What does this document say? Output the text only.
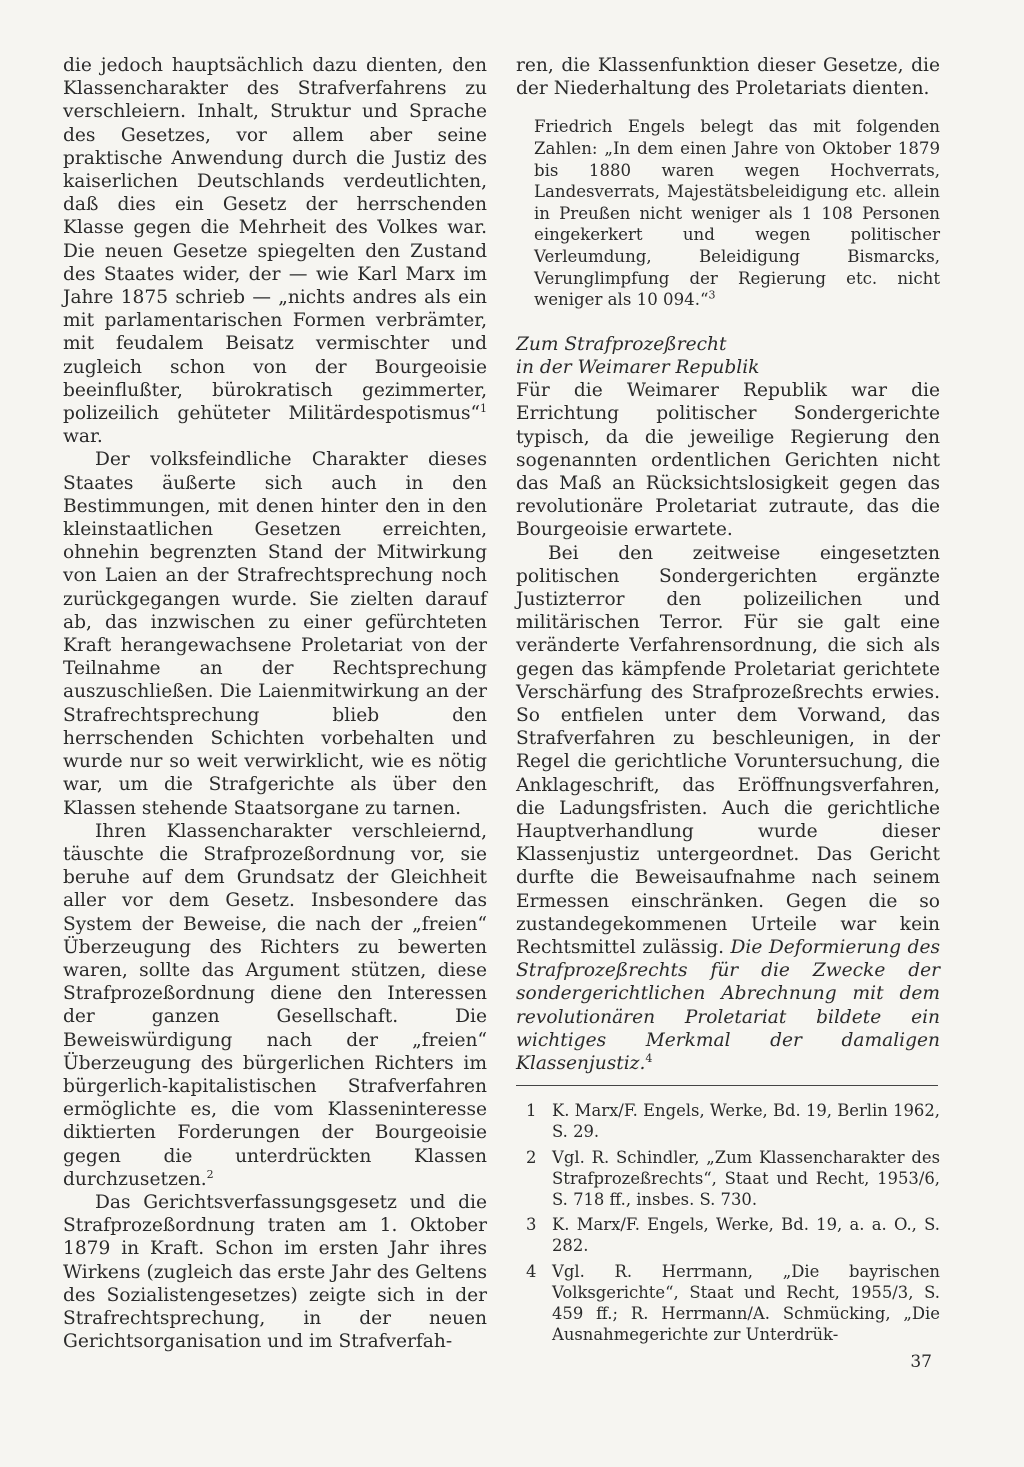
die jedoch hauptsächlich dazu dienten, den Klassencharakter des Strafverfahrens zu verschleiern. Inhalt, Struktur und Sprache des Gesetzes, vor allem aber seine praktische Anwendung durch die Justiz des kaiserlichen Deutschlands verdeutlichten, daß dies ein Gesetz der herrschenden Klasse gegen die Mehrheit des Volkes war. Die neuen Gesetze spiegelten den Zustand des Staates wider, der — wie Karl Marx im Jahre 1875 schrieb — „nichts andres als ein mit parlamentarischen Formen verbrämter, mit feudalem Beisatz vermischter und zugleich schon von der Bourgeoisie beeinflußter, bürokratisch gezimmerter, polizeilich gehüteter Militärdespotismus“$^1$ war.

Der volksfeindliche Charakter dieses Staates äußerte sich auch in den Bestimmungen, mit denen hinter den in den kleinstaatlichen Gesetzen erreichten, ohnehin begrenzten Stand der Mitwirkung von Laien an der Strafrechtsprechung noch zurückgegangen wurde. Sie zielten darauf ab, das inzwischen zu einer gefürchteten Kraft herangewachsene Proletariat von der Teilnahme an der Rechtsprechung auszuschließen. Die Laienmitwirkung an der Strafrechtsprechung blieb den herrschenden Schichten vorbehalten und wurde nur so weit verwirklicht, wie es nötig war, um die Strafgerichte als über den Klassen stehende Staatsorgane zu tarnen.

Ihren Klassencharakter verschleiernd, täuschte die Strafprozeßordnung vor, sie beruhe auf dem Grundsatz der Gleichheit aller vor dem Gesetz. Insbesondere das System der Beweise, die nach der „freien“ Überzeugung des Richters zu bewerten waren, sollte das Argument stützen, diese Strafprozeßordnung diene den Interessen der ganzen Gesellschaft. Die Beweiswürdigung nach der „freien“ Überzeugung des bürgerlichen Richters im bürgerlich-kapitalistischen Strafverfahren ermöglichte es, die vom Klasseninteresse diktierten Forderungen der Bourgeoisie gegen die unterdrückten Klassen durchzusetzen.$^2$

Das Gerichtsverfassungsgesetz und die Strafprozeßordnung traten am 1. Oktober 1879 in Kraft. Schon im ersten Jahr ihres Wirkens (zugleich das erste Jahr des Geltens des Sozialistengesetzes) zeigte sich in der Strafrechtsprechung, in der neuen Gerichtsorganisation und im Strafverfah-

ren, die Klassenfunktion dieser Gesetze, die der Niederhaltung des Proletariats dienten.

Friedrich Engels belegt das mit folgenden Zahlen: „In dem einen Jahre von Oktober 1879 bis 1880 waren wegen Hochverrats, Landesverrats, Majestätsbeleidigung etc. allein in Preußen nicht weniger als 1 108 Personen eingekerkert und wegen politischer Verleumdung, Beleidigung Bismarcks, Verunglimpfung der Regierung etc. nicht weniger als 10 094.“$^3$

Zum Strafprozeßrecht
in der Weimarer Republik

Für die Weimarer Republik war die Errichtung politischer Sondergerichte typisch, da die jeweilige Regierung den sogenannten ordentlichen Gerichten nicht das Maß an Rücksichtslosigkeit gegen das revolutionäre Proletariat zutraute, das die Bourgeoisie erwartete.

Bei den zeitweise eingesetzten politischen Sondergerichten ergänzte Justizterror den polizeilichen und militärischen Terror. Für sie galt eine veränderte Verfahrensordnung, die sich als gegen das kämpfende Proletariat gerichtete Verschärfung des Strafprozeßrechts erwies. So entfielen unter dem Vorwand, das Strafverfahren zu beschleunigen, in der Regel die gerichtliche Voruntersuchung, die Anklageschrift, das Eröffnungsverfahren, die Ladungsfristen. Auch die gerichtliche Hauptverhandlung wurde dieser Klassenjustiz untergeordnet. Das Gericht durfte die Beweisaufnahme nach seinem Ermessen einschränken. Gegen die so zustandegekommenen Urteile war kein Rechtsmittel zulässig. Die Deformierung des Strafprozeßrechts für die Zwecke der sondergerichtlichen Abrechnung mit dem revolutionären Proletariat bildete ein wichtiges Merkmal der damaligen Klassenjustiz.$^4$

1 K. Marx/F. Engels, Werke, Bd. 19, Berlin 1962, S. 29.
2 Vgl. R. Schindler, „Zum Klassencharakter des Strafprozeßrechts“, Staat und Recht, 1953/6, S. 718 ff., insbes. S. 730.
3 K. Marx/F. Engels, Werke, Bd. 19, a. a. O., S. 282.
4 Vgl. R. Herrmann, „Die bayrischen Volksgerichte“, Staat und Recht, 1955/3, S. 459 ff.; R. Herrmann/A. Schmücking, „Die Ausnahmegerichte zur Unterdrük-
37
